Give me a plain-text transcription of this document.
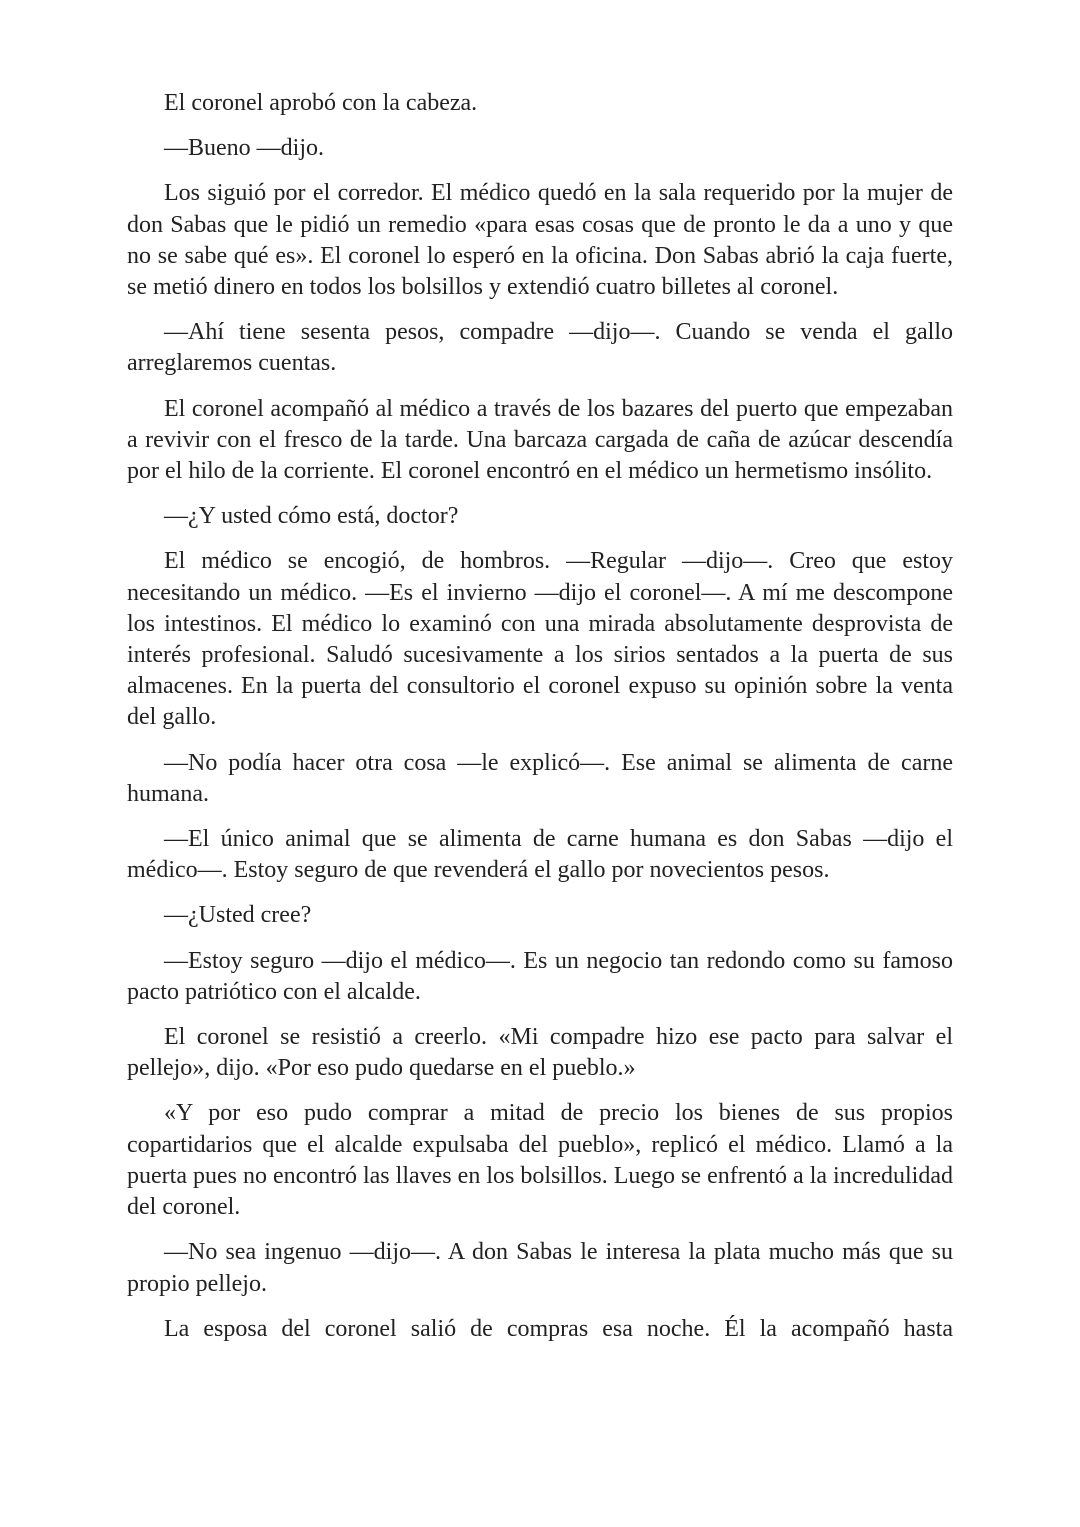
El coronel aprobó con la cabeza.

—Bueno —dijo.

Los siguió por el corredor. El médico quedó en la sala requerido por la mujer de don Sabas que le pidió un remedio «para esas cosas que de pronto le da a uno y que no se sabe qué es». El coronel lo esperó en la oficina. Don Sabas abrió la caja fuerte, se metió dinero en todos los bolsillos y extendió cuatro billetes al coronel.

—Ahí tiene sesenta pesos, compadre —dijo—. Cuando se venda el gallo arreglaremos cuentas.

El coronel acompañó al médico a través de los bazares del puerto que empezaban a revivir con el fresco de la tarde. Una barcaza cargada de caña de azúcar descendía por el hilo de la corriente. El coronel encontró en el médico un hermetismo insólito.

—¿Y usted cómo está, doctor?

El médico se encogió, de hombros. —Regular —dijo—. Creo que estoy necesitando un médico. —Es el invierno —dijo el coronel—. A mí me descompone los intestinos. El médico lo examinó con una mirada absolutamente desprovista de interés profesional. Saludó sucesivamente a los sirios sentados a la puerta de sus almacenes. En la puerta del consultorio el coronel expuso su opinión sobre la venta del gallo.

—No podía hacer otra cosa —le explicó—. Ese animal se alimenta de carne humana.

—El único animal que se alimenta de carne humana es don Sabas —dijo el médico—. Estoy seguro de que revenderá el gallo por novecientos pesos.

—¿Usted cree?

—Estoy seguro —dijo el médico—. Es un negocio tan redondo como su famoso pacto patriótico con el alcalde.

El coronel se resistió a creerlo. «Mi compadre hizo ese pacto para salvar el pellejo», dijo. «Por eso pudo quedarse en el pueblo.»

«Y por eso pudo comprar a mitad de precio los bienes de sus propios copartidarios que el alcalde expulsaba del pueblo», replicó el médico. Llamó a la puerta pues no encontró las llaves en los bolsillos. Luego se enfrentó a la incredulidad del coronel.

—No sea ingenuo —dijo—. A don Sabas le interesa la plata mucho más que su propio pellejo.

La esposa del coronel salió de compras esa noche. Él la acompañó hasta
